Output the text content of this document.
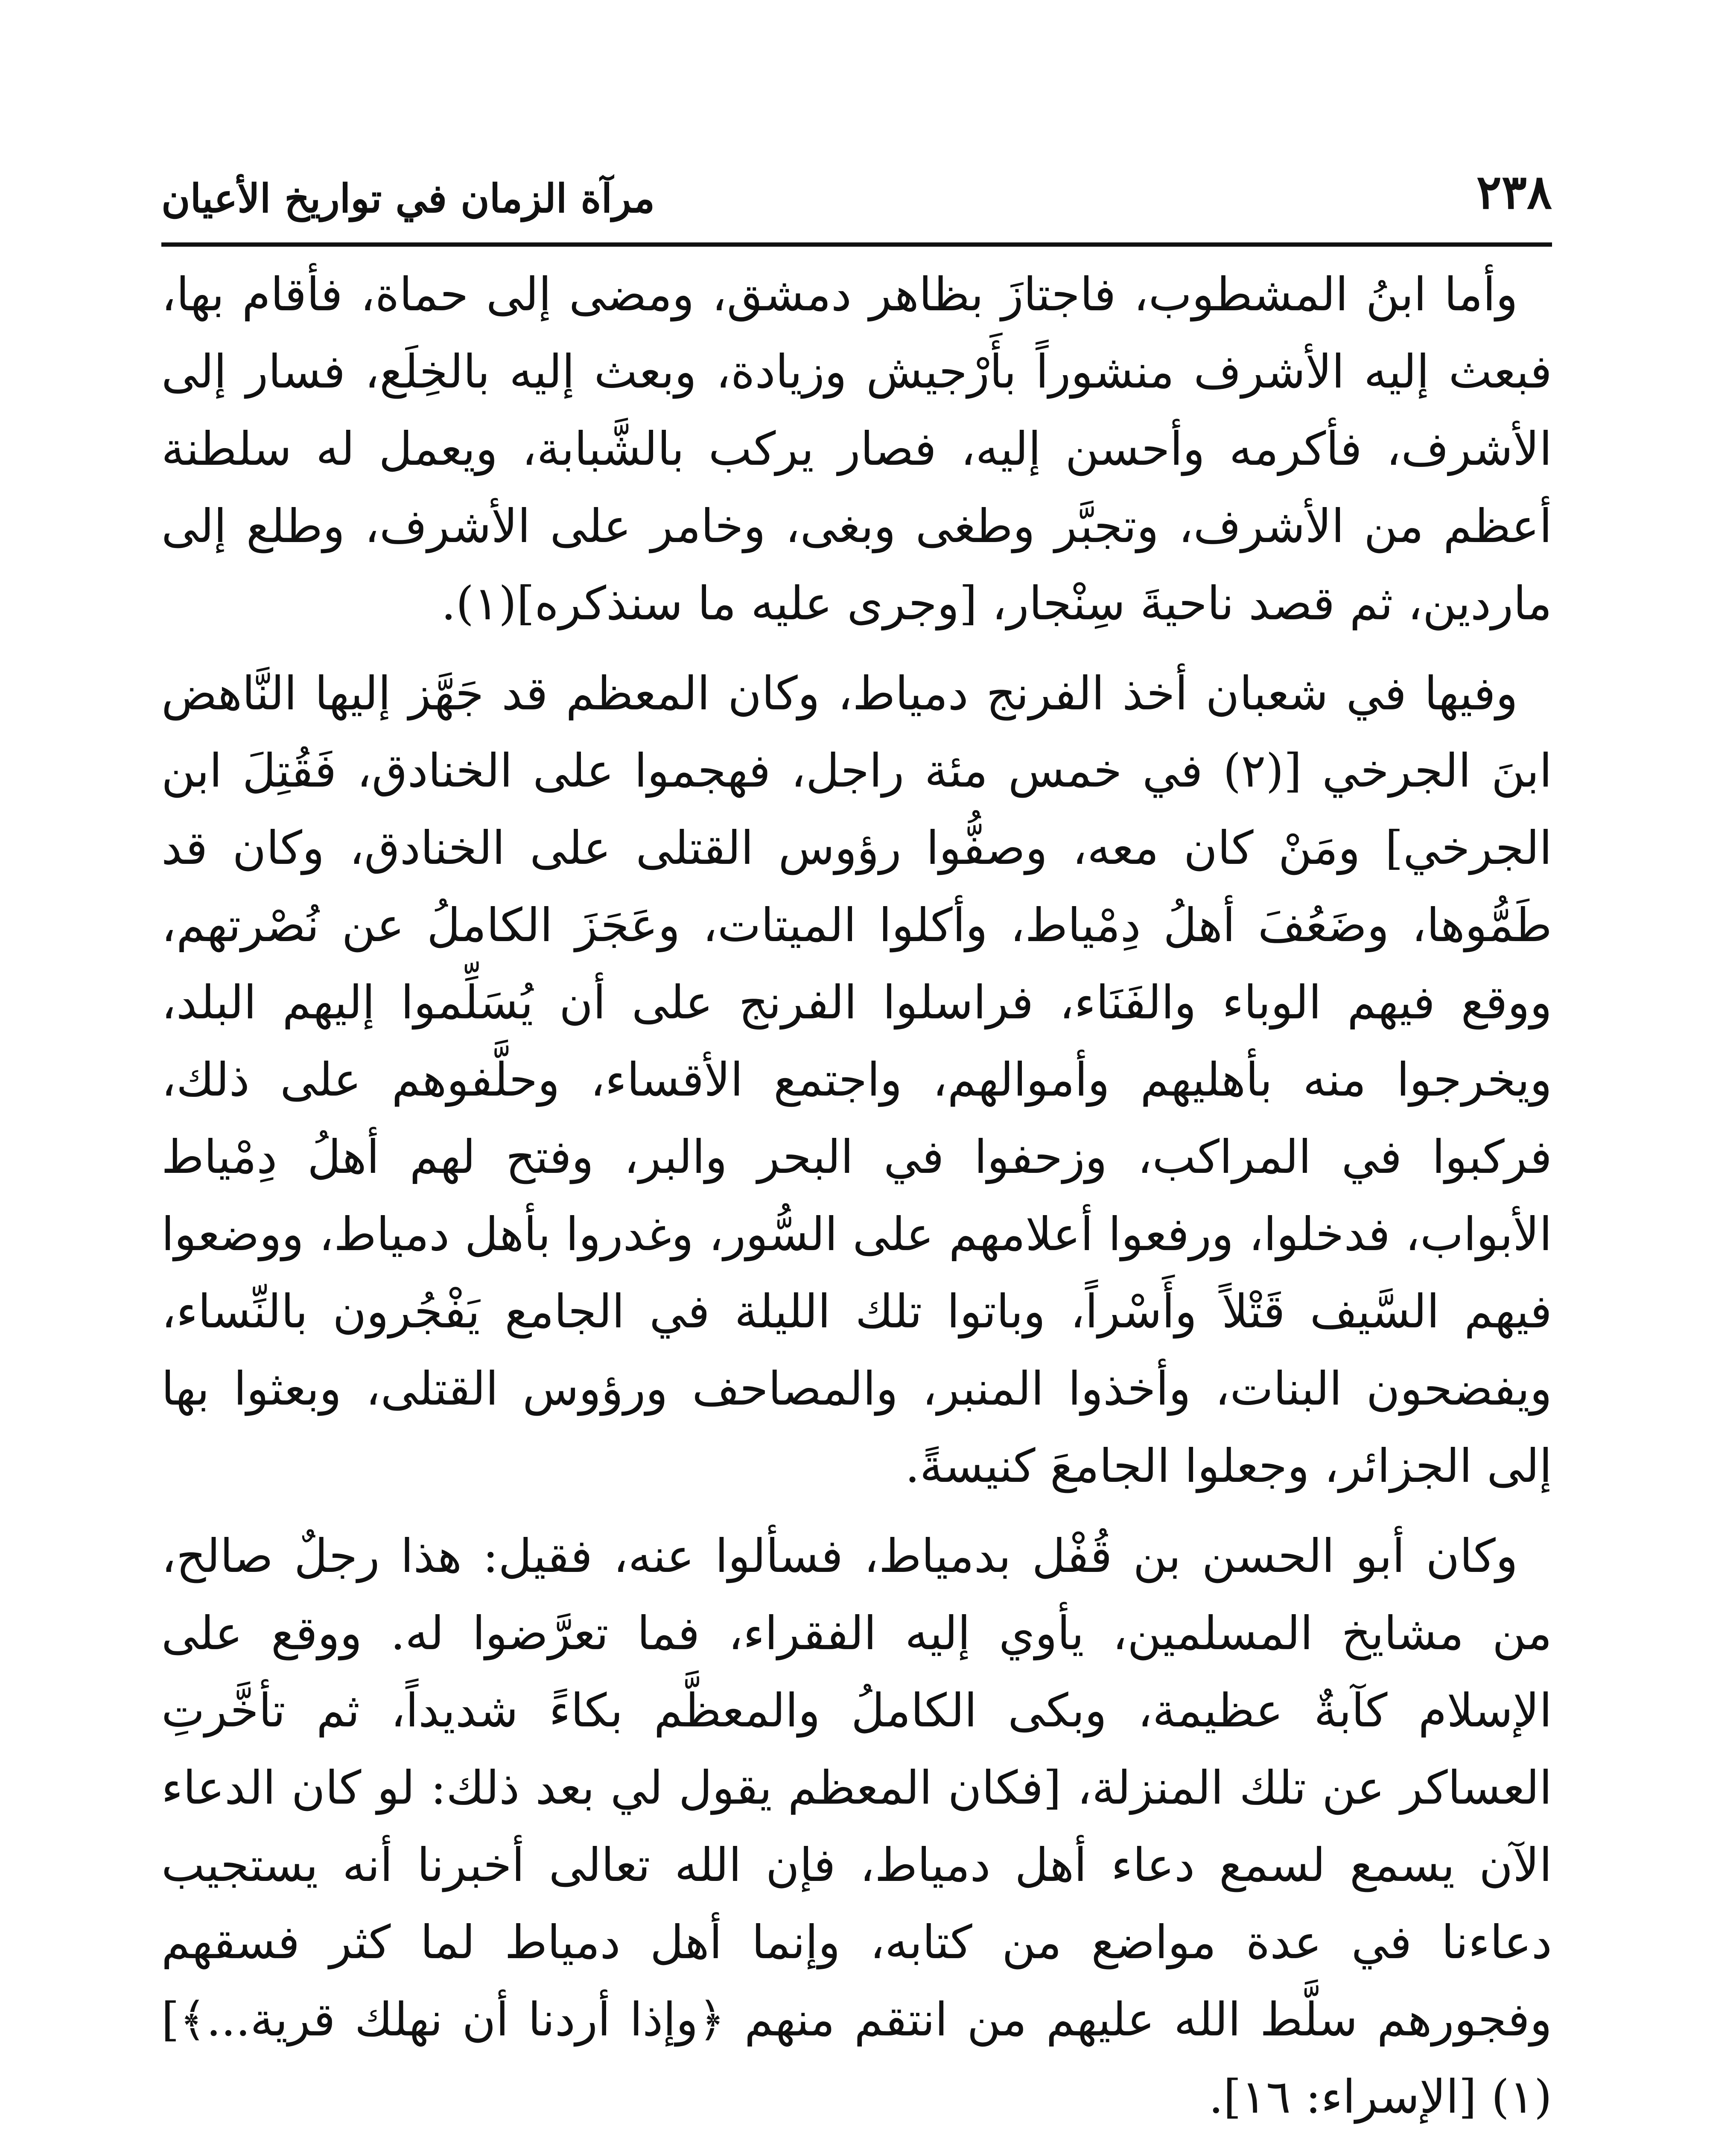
٢٣٨
مرآة الزمان في تواريخ الأعيان

وأما ابنُ المشطوب، فاجتازَ بظاهر دمشق، ومضى إلى حماة، فأقام بها، فبعث إليه الأشرف منشوراً بأَرْجيش وزيادة، وبعث إليه بالخِلَع، فسار إلى الأشرف، فأكرمه وأحسن إليه، فصار يركب بالشَّبابة، ويعمل له سلطنة أعظم من الأشرف، وتجبَّر وطغى وبغى، وخامر على الأشرف، وطلع إلى ماردين، ثم قصد ناحيةَ سِنْجار، [وجرى عليه ما سنذكره](١).

وفيها في شعبان أخذ الفرنج دمياط، وكان المعظم قد جَهَّز إليها النَّاهض ابنَ الجرخي [(٢) في خمس مئة راجل، فهجموا على الخنادق، فَقُتِلَ ابن الجرخي] ومَنْ كان معه، وصفُّوا رؤوس القتلى على الخنادق، وكان قد طَمُّوها، وضَعُفَ أهلُ دِمْياط، وأكلوا الميتات، وعَجَزَ الكاملُ عن نُصْرتهم، ووقع فيهم الوباء والفَنَاء، فراسلوا الفرنج على أن يُسَلِّموا إليهم البلد، ويخرجوا منه بأهليهم وأموالهم، واجتمع الأقساء، وحلَّفوهم على ذلك، فركبوا في المراكب، وزحفوا في البحر والبر، وفتح لهم أهلُ دِمْياط الأبواب، فدخلوا، ورفعوا أعلامهم على السُّور، وغدروا بأهل دمياط، ووضعوا فيهم السَّيف قَتْلاً وأَسْراً، وباتوا تلك الليلة في الجامع يَفْجُرون بالنِّساء، ويفضحون البنات، وأخذوا المنبر، والمصاحف ورؤوس القتلى، وبعثوا بها إلى الجزائر، وجعلوا الجامعَ كنيسةً.

وكان أبو الحسن بن قُفْل بدمياط، فسألوا عنه، فقيل: هذا رجلٌ صالح، من مشايخ المسلمين، يأوي إليه الفقراء، فما تعرَّضوا له. ووقع على الإسلام كآبةٌ عظيمة، وبكى الكاملُ والمعظَّم بكاءً شديداً، ثم تأخَّرتِ العساكر عن تلك المنزلة، [فكان المعظم يقول لي بعد ذلك: لو كان الدعاء الآن يسمع لسمع دعاء أهل دمياط، فإن الله تعالى أخبرنا أنه يستجيب دعاءنا في عدة مواضع من كتابه، وإنما أهل دمياط لما كثر فسقهم وفجورهم سلَّط الله عليهم من انتقم منهم ﴿وإذا أردنا أن نهلك قرية...﴾](١) [الإسراء: ١٦].
